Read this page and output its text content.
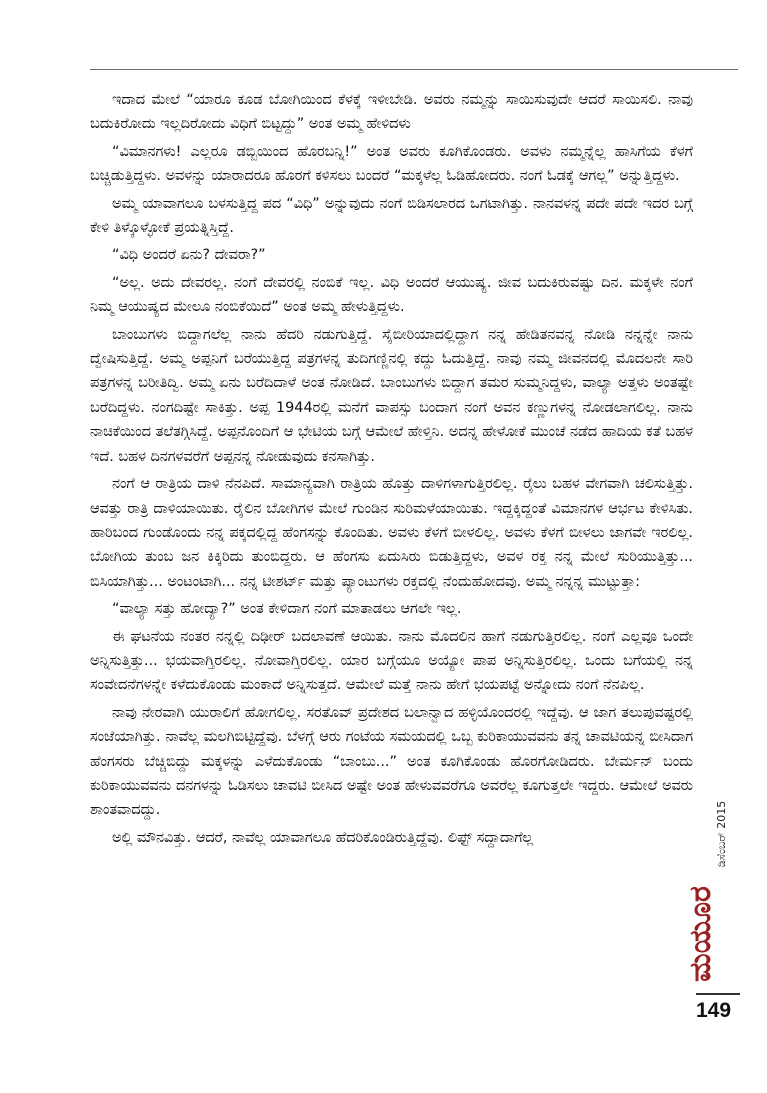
ಇದಾದ ಮೇಲೆ “ಯಾರೂ ಕೂಡ ಬೋಗಿಯಿಂದ ಕೆಳಕ್ಕೆ ಇಳೀಬೇಡಿ. ಅವರು ನಮ್ಮನ್ನು ಸಾಯಿಸುವುದೇ ಆದರೆ ಸಾಯಿಸಲಿ. ನಾವು ಬದುಕಿರೋದು ಇಲ್ಲದಿರೋದು ವಿಧಿಗೆ ಬಿಟ್ಟದ್ದು” ಅಂತ ಅಮ್ಮ ಹೇಳಿದಳು

“ವಿಮಾನಗಳು! ಎಲ್ಲರೂ ಡಬ್ಬಿಯಿಂದ ಹೊರಬನ್ನಿ!” ಅಂತ ಅವರು ಕೂಗಿಕೊಂಡರು. ಅವಳು ನಮ್ಮನ್ನೆಲ್ಲ ಹಾಸಿಗೆಯ ಕೆಳಗೆ ಬಚ್ಚಿಡುತ್ತಿದ್ದಳು. ಅವಳನ್ನು ಯಾರಾದರೂ ಹೊರಗೆ ಕಳಿಸಲು ಬಂದರೆ “ಮಕ್ಕಳೆಲ್ಲ ಓಡಿಹೋದರು. ನಂಗೆ ಓಡಕ್ಕೆ ಆಗಲ್ಲ” ಅನ್ನುತ್ತಿದ್ದಳು.

ಅಮ್ಮ ಯಾವಾಗಲೂ ಬಳಸುತ್ತಿದ್ದ ಪದ “ವಿಧಿ” ಅನ್ನುವುದು ನಂಗೆ ಬಿಡಿಸಲಾರದ ಒಗಟಾಗಿತ್ತು. ನಾನವಳನ್ನ ಪದೇ ಪದೇ ಇದರ ಬಗ್ಗೆ ಕೇಳಿ ತಿಳ್ಕೊಳ್ಳೋಕೆ ಪ್ರಯತ್ನಿಸ್ತಿದ್ದೆ.

“ವಿಧಿ ಅಂದರೆ ಏನು? ದೇವರಾ?”

“ಅಲ್ಲ. ಅದು ದೇವರಲ್ಲ. ನಂಗೆ ದೇವರಲ್ಲಿ ನಂಬಿಕೆ ಇಲ್ಲ. ವಿಧಿ ಅಂದರೆ ಆಯುಷ್ಯ. ಜೀವ ಬದುಕಿರುವಷ್ಟು ದಿನ. ಮಕ್ಕಳೇ ನಂಗೆ ನಿಮ್ಮ ಆಯುಷ್ಯದ ಮೇಲೂ ನಂಬಿಕೆಯಿದೆ” ಅಂತ ಅಮ್ಮ ಹೇಳುತ್ತಿದ್ದಳು.

ಬಾಂಬುಗಳು ಬಿದ್ದಾಗಲೆಲ್ಲ ನಾನು ಹೆದರಿ ನಡುಗುತ್ತಿದ್ದೆ. ಸೈಬೀರಿಯಾದಲ್ಲಿದ್ದಾಗ ನನ್ನ ಹೇಡಿತನವನ್ನ ನೋಡಿ ನನ್ನನ್ನೇ ನಾನು ದ್ವೇಷಿಸುತ್ತಿದ್ದೆ. ಅಮ್ಮ ಅಪ್ಪನಿಗೆ ಬರೆಯುತ್ತಿದ್ದ ಪತ್ರಗಳನ್ನ ತುದಿಗಣ್ಣಿನಲ್ಲಿ ಕದ್ದು ಓದುತ್ತಿದ್ದೆ. ನಾವು ನಮ್ಮ ಜೀವನದಲ್ಲಿ ಮೊದಲನೇ ಸಾರಿ ಪತ್ರಗಳನ್ನ ಬರೀತಿದ್ವಿ. ಅಮ್ಮ ಏನು ಬರೆದಿದಾಳೆ ಅಂತ ನೋಡಿದೆ. ಬಾಂಬುಗಳು ಬಿದ್ದಾಗ ತಮರ ಸುಮ್ಮನಿದ್ದಳು, ವಾಲ್ಯಾ ಅತ್ತಳು ಅಂತಷ್ಟೇ ಬರೆದಿದ್ದಳು. ನಂಗದಿಷ್ಟೇ ಸಾಕಿತ್ತು. ಅಪ್ಪ 1944ರಲ್ಲಿ ಮನೆಗೆ ವಾಪಸ್ಸು ಬಂದಾಗ ನಂಗೆ ಅವನ ಕಣ್ಣುಗಳನ್ನ ನೋಡಲಾಗಲಿಲ್ಲ. ನಾನು ನಾಚಿಕೆಯಿಂದ ತಲೆತಗ್ಗಿಸಿದ್ದೆ. ಅಪ್ಪನೊಂದಿಗೆ ಆ ಭೇಟಿಯ ಬಗ್ಗೆ ಆಮೇಲೆ ಹೇಳ್ತಿನಿ. ಅದನ್ನ ಹೇಳೋಕೆ ಮುಂಚೆ ನಡೆದ ಹಾದಿಯ ಕತೆ ಬಹಳ ಇದೆ. ಬಹಳ ದಿನಗಳವರೆಗೆ ಅಪ್ಪನನ್ನ ನೋಡುವುದು ಕನಸಾಗಿತ್ತು.

ನಂಗೆ ಆ ರಾತ್ರಿಯ ದಾಳಿ ನೆನಪಿದೆ. ಸಾಮಾನ್ಯವಾಗಿ ರಾತ್ರಿಯ ಹೊತ್ತು ದಾಳಿಗಳಾಗುತ್ತಿರಲಿಲ್ಲ. ರೈಲು ಬಹಳ ವೇಗವಾಗಿ ಚಲಿಸುತ್ತಿತ್ತು. ಆವತ್ತು ರಾತ್ರಿ ದಾಳಿಯಾಯಿತು. ರೈಲಿನ ಬೋಗಿಗಳ ಮೇಲೆ ಗುಂಡಿನ ಸುರಿಮಳೆಯಾಯಿತು. ಇದ್ದಕ್ಕಿದ್ದಂತೆ ವಿಮಾನಗಳ ಆರ್ಭಟ ಕೇಳಿಸಿತು. ಹಾರಿಬಂದ ಗುಂಡೊಂದು ನನ್ನ ಪಕ್ಕದಲ್ಲಿದ್ದ ಹೆಂಗಸನ್ನು ಕೊಂದಿತು. ಅವಳು ಕೆಳಗೆ ಬೀಳಲಿಲ್ಲ. ಅವಳು ಕೆಳಗೆ ಬೀಳಲು ಜಾಗವೇ ಇರಲಿಲ್ಲ. ಬೋಗಿಯ ತುಂಬ ಜನ ಕಿಕ್ಕಿರಿದು ತುಂಬಿದ್ದರು. ಆ ಹೆಂಗಸು ಏದುಸಿರು ಬಿಡುತ್ತಿದ್ದಳು, ಅವಳ ರಕ್ತ ನನ್ನ ಮೇಲೆ ಸುರಿಯುತ್ತಿತ್ತು... ಬಿಸಿಯಾಗಿತ್ತು... ಅಂಟಂಟಾಗಿ... ನನ್ನ ಟೀಶರ್ಟ್ ಮತ್ತು ಪ್ಯಾಂಟುಗಳು ರಕ್ತದಲ್ಲಿ ನೆಂದುಹೋದವು. ಅಮ್ಮ ನನ್ನನ್ನ ಮುಟ್ಟುತ್ತಾ:

“ವಾಲ್ಯಾ ಸತ್ತು ಹೋದ್ಯಾ?” ಅಂತ ಕೇಳಿದಾಗ ನಂಗೆ ಮಾತಾಡಲು ಆಗಲೇ ಇಲ್ಲ.

ಈ ಘಟನೆಯ ನಂತರ ನನ್ನಲ್ಲಿ ದಿಢೀರ್ ಬದಲಾವಣೆ ಆಯಿತು. ನಾನು ಮೊದಲಿನ ಹಾಗೆ ನಡುಗುತ್ತಿರಲಿಲ್ಲ. ನಂಗೆ ಎಲ್ಲವೂ ಒಂದೇ ಅನ್ನಿಸುತ್ತಿತ್ತು... ಭಯವಾಗ್ತಿರಲಿಲ್ಲ. ನೋವಾಗ್ತಿರಲಿಲ್ಲ. ಯಾರ ಬಗ್ಗೆಯೂ ಅಯ್ಯೋ ಪಾಪ ಅನ್ನಿಸುತ್ತಿರಲಿಲ್ಲ. ಒಂದು ಬಗೆಯಲ್ಲಿ ನನ್ನ ಸಂವೇದನೆಗಳನ್ನೇ ಕಳೆದುಕೊಂಡು ಮಂಕಾದೆ ಅನ್ನಿಸುತ್ತದೆ. ಆಮೇಲೆ ಮತ್ತೆ ನಾನು ಹೇಗೆ ಭಯಪಟ್ಟೆ ಅನ್ನೋದು ನಂಗೆ ನೆನಪಿಲ್ಲ.

ನಾವು ನೇರವಾಗಿ ಯುರಾಲಿಗೆ ಹೋಗಲಿಲ್ಲ. ಸರತೊವ್ ಪ್ರದೇಶದ ಬಲಾನ್ವಾದ ಹಳ್ಳಿಯೊಂದರಲ್ಲಿ ಇದ್ದೆವು. ಆ ಜಾಗ ತಲುಪುವಷ್ಟರಲ್ಲಿ ಸಂಜೆಯಾಗಿತ್ತು. ನಾವೆಲ್ಲ ಮಲಗಿಬಿಟ್ಟಿದ್ದೆವು. ಬೆಳಗ್ಗೆ ಆರು ಗಂಟೆಯ ಸಮಯದಲ್ಲಿ ಒಬ್ಬ ಕುರಿಕಾಯುವವನು ತನ್ನ ಚಾವಟಿಯನ್ನ ಬೀಸಿದಾಗ ಹೆಂಗಸರು ಬೆಚ್ಚಿಬಿದ್ದು ಮಕ್ಕಳನ್ನು ಎಳೆದುಕೊಂಡು “ಬಾಂಬು...” ಅಂತ ಕೂಗಿಕೊಂಡು ಹೊರಗೋಡಿದರು. ಬೇರ್ಮನ್ ಬಂದು ಕುರಿಕಾಯುವವನು ದನಗಳನ್ನು ಓಡಿಸಲು ಚಾವಟಿ ಬೀಸಿದ ಅಷ್ಟೇ ಅಂತ ಹೇಳುವವರೆಗೂ ಅವರೆಲ್ಲ ಕೂಗುತ್ತಲೇ ಇದ್ದರು. ಆಮೇಲೆ ಅವರು ಶಾಂತವಾದದ್ದು.

ಅಲ್ಲಿ ಮೌನವಿತ್ತು. ಆದರೆ, ನಾವೆಲ್ಲ ಯಾವಾಗಲೂ ಹೆದರಿಕೊಂಡಿರುತ್ತಿದ್ದೆವು. ಲಿಫ್ಟ್ ಸದ್ದಾದಾಗೆಲ್ಲ

ಮಯೂರ
ಡಿಸೆಂಬರ್ 2015
149
